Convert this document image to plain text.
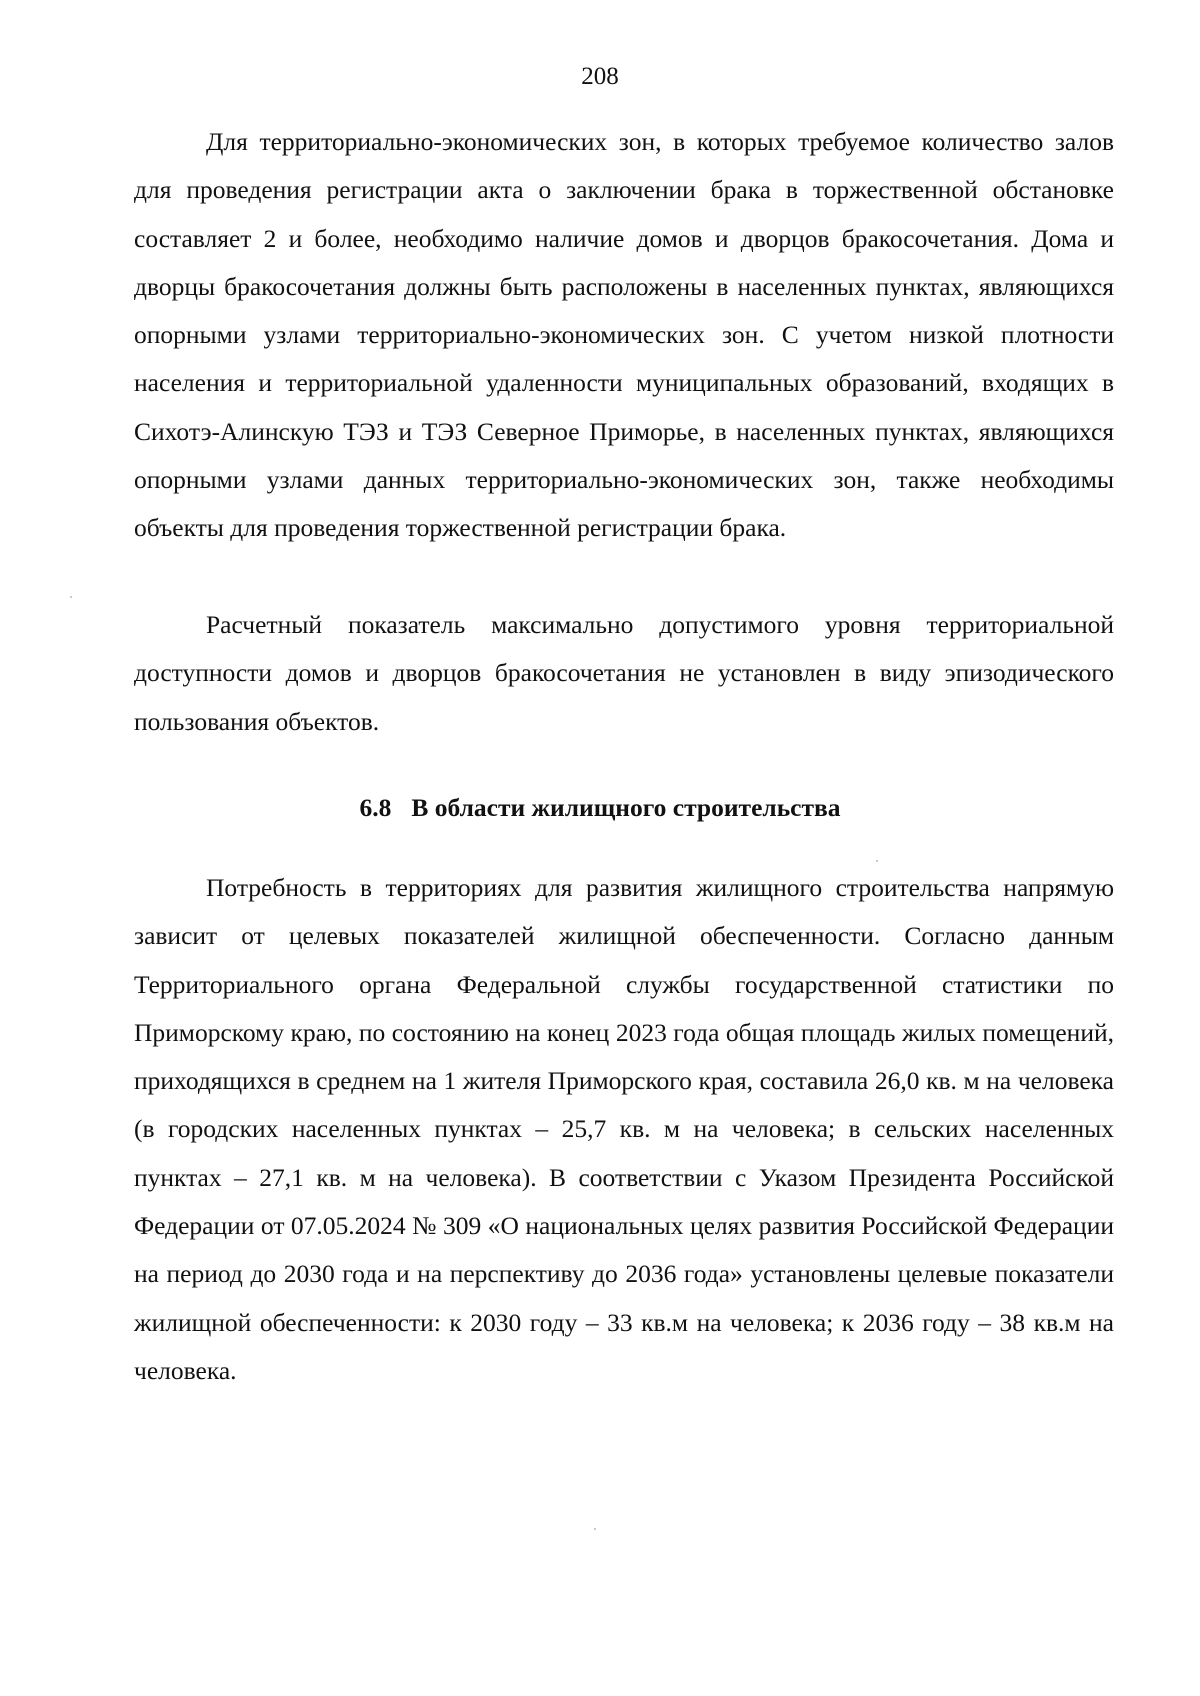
208

Для территориально-экономических зон, в которых требуемое количество залов для проведения регистрации акта о заключении брака в торжественной обстановке составляет 2 и более, необходимо наличие домов и дворцов бракосочетания. Дома и дворцы бракосочетания должны быть расположены в населенных пунктах, являющихся опорными узлами территориально-экономических зон. С учетом низкой плотности населения и территориальной удаленности муниципальных образований, входящих в Сихотэ-Алинскую ТЭЗ и ТЭЗ Северное Приморье, в населенных пунктах, являющихся опорными узлами данных территориально-экономических зон, также необходимы объекты для проведения торжественной регистрации брака.

Расчетный показатель максимально допустимого уровня территориальной доступности домов и дворцов бракосочетания не установлен в виду эпизодического пользования объектов.

6.8 В области жилищного строительства

Потребность в территориях для развития жилищного строительства напрямую зависит от целевых показателей жилищной обеспеченности. Согласно данным Территориального органа Федеральной службы государственной статистики по Приморскому краю, по состоянию на конец 2023 года общая площадь жилых помещений, приходящихся в среднем на 1 жителя Приморского края, составила 26,0 кв. м на человека (в городских населенных пунктах – 25,7 кв. м на человека; в сельских населенных пунктах – 27,1 кв. м на человека). В соответствии с Указом Президента Российской Федерации от 07.05.2024 № 309 «О национальных целях развития Российской Федерации на период до 2030 года и на перспективу до 2036 года» установлены целевые показатели жилищной обеспеченности: к 2030 году – 33 кв.м на человека; к 2036 году – 38 кв.м на человека.
